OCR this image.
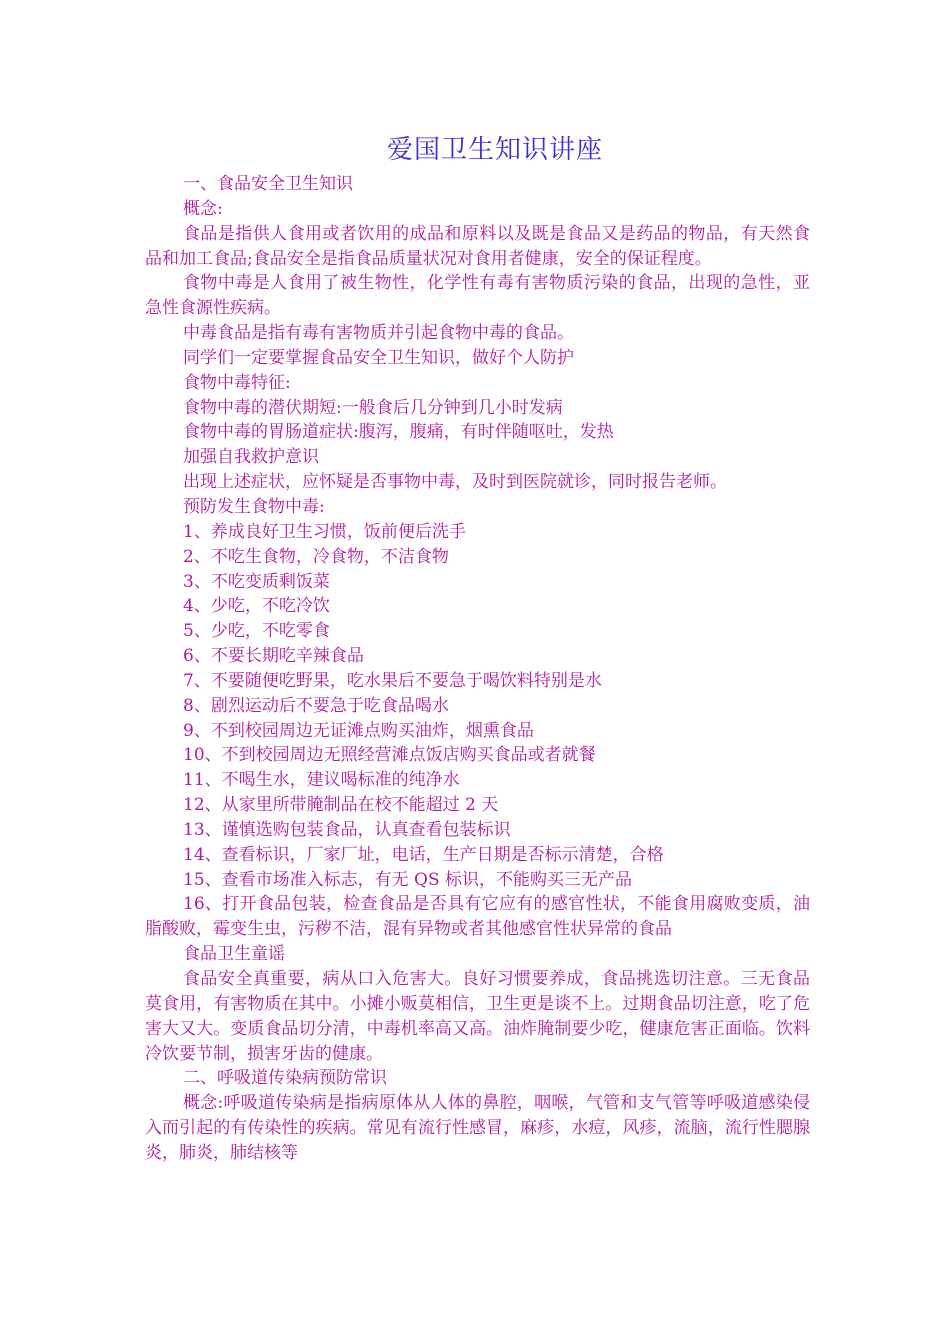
爱国卫生知识讲座

一、食品安全卫生知识

概念:

食品是指供人食用或者饮用的成品和原料以及既是食品又是药品的物品，有天然食品和加工食品;食品安全是指食品质量状况对食用者健康，安全的保证程度。

食物中毒是人食用了被生物性，化学性有毒有害物质污染的食品，出现的急性，亚急性食源性疾病。

中毒食品是指有毒有害物质并引起食物中毒的食品。

同学们一定要掌握食品安全卫生知识，做好个人防护

食物中毒特征:

食物中毒的潜伏期短:一般食后几分钟到几小时发病

食物中毒的胃肠道症状:腹泻，腹痛，有时伴随呕吐，发热

加强自我救护意识

出现上述症状，应怀疑是否事物中毒，及时到医院就诊，同时报告老师。

预防发生食物中毒:

1、养成良好卫生习惯，饭前便后洗手

2、不吃生食物，冷食物，不洁食物

3、不吃变质剩饭菜

4、少吃，不吃冷饮

5、少吃，不吃零食

6、不要长期吃辛辣食品

7、不要随便吃野果，吃水果后不要急于喝饮料特别是水

8、剧烈运动后不要急于吃食品喝水

9、不到校园周边无证滩点购买油炸，烟熏食品

10、不到校园周边无照经营滩点饭店购买食品或者就餐

11、不喝生水，建议喝标准的纯净水

12、从家里所带腌制品在校不能超过 2 天

13、谨慎选购包装食品，认真查看包装标识

14、查看标识，厂家厂址，电话，生产日期是否标示清楚，合格

15、查看市场准入标志，有无 QS 标识，不能购买三无产品

16、打开食品包装，检查食品是否具有它应有的感官性状，不能食用腐败变质，油脂酸败，霉变生虫，污秽不洁，混有异物或者其他感官性状异常的食品

食品卫生童谣

食品安全真重要，病从口入危害大。良好习惯要养成，食品挑选切注意。三无食品莫食用，有害物质在其中。小摊小贩莫相信，卫生更是谈不上。过期食品切注意，吃了危害大又大。变质食品切分清，中毒机率高又高。油炸腌制要少吃，健康危害正面临。饮料冷饮要节制，损害牙齿的健康。

二、呼吸道传染病预防常识

概念:呼吸道传染病是指病原体从人体的鼻腔，咽喉，气管和支气管等呼吸道感染侵入而引起的有传染性的疾病。常见有流行性感冒，麻疹，水痘，风疹，流脑，流行性腮腺炎，肺炎，肺结核等
